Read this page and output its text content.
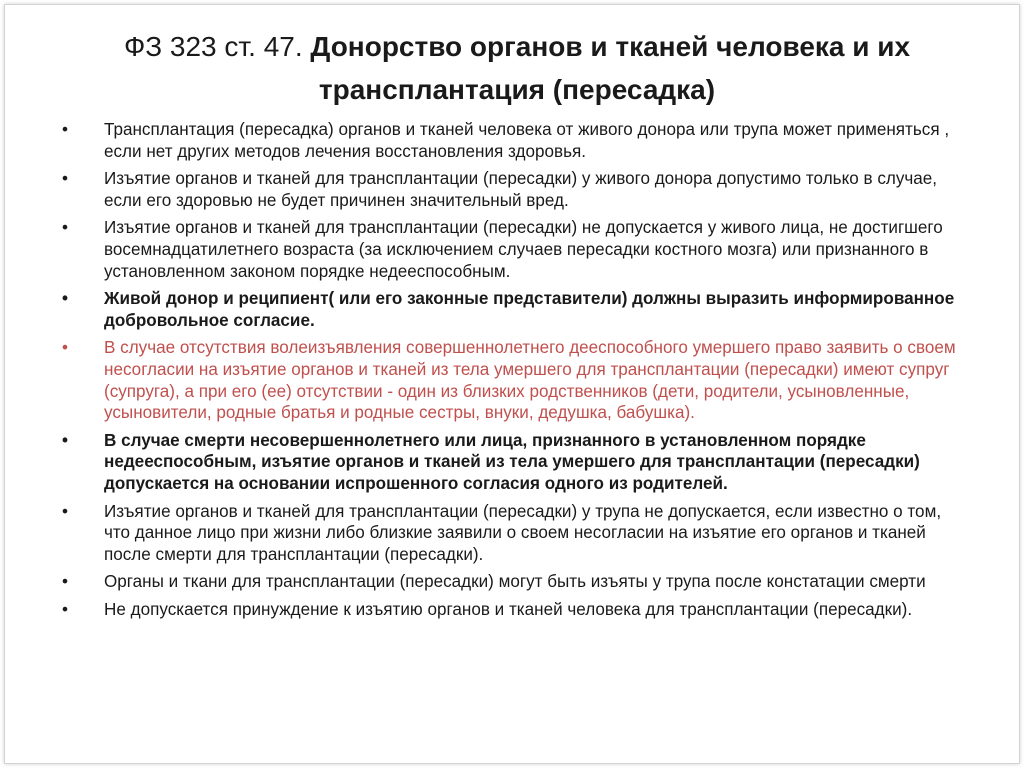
ФЗ 323 ст. 47. Донорство органов и тканей человека и их трансплантация (пересадка)
• Трансплантация (пересадка) органов и тканей человека от живого донора или трупа может применяться , если нет других методов лечения восстановления здоровья.
• Изъятие органов и тканей для трансплантации (пересадки) у живого донора допустимо только в случае, если его здоровью не будет причинен значительный вред.
• Изъятие органов и тканей для трансплантации (пересадки) не допускается у живого лица, не достигшего восемнадцатилетнего возраста (за исключением случаев пересадки костного мозга) или признанного в установленном законом порядке недееспособным.
• Живой донор и реципиент( или его законные представители) должны выразить информированное добровольное согласие.
• В случае отсутствия волеизъявления совершеннолетнего дееспособного умершего право заявить о своем несогласии на изъятие органов и тканей из тела умершего для трансплантации (пересадки) имеют супруг (супруга), а при его (ее) отсутствии - один из близких родственников (дети, родители, усыновленные, усыновители, родные братья и родные сестры, внуки, дедушка, бабушка).
• В случае смерти несовершеннолетнего или лица, признанного в установленном порядке недееспособным, изъятие органов и тканей из тела умершего для трансплантации (пересадки) допускается на основании испрошенного согласия одного из родителей.
• Изъятие органов и тканей для трансплантации (пересадки) у трупа не допускается, если известно о том, что данное лицо при жизни либо близкие заявили о своем несогласии на изъятие его органов и тканей после смерти для трансплантации (пересадки).
• Органы и ткани для трансплантации (пересадки) могут быть изъяты у трупа после констатации смерти
• Не допускается принуждение к изъятию органов и тканей человека для трансплантации (пересадки).
